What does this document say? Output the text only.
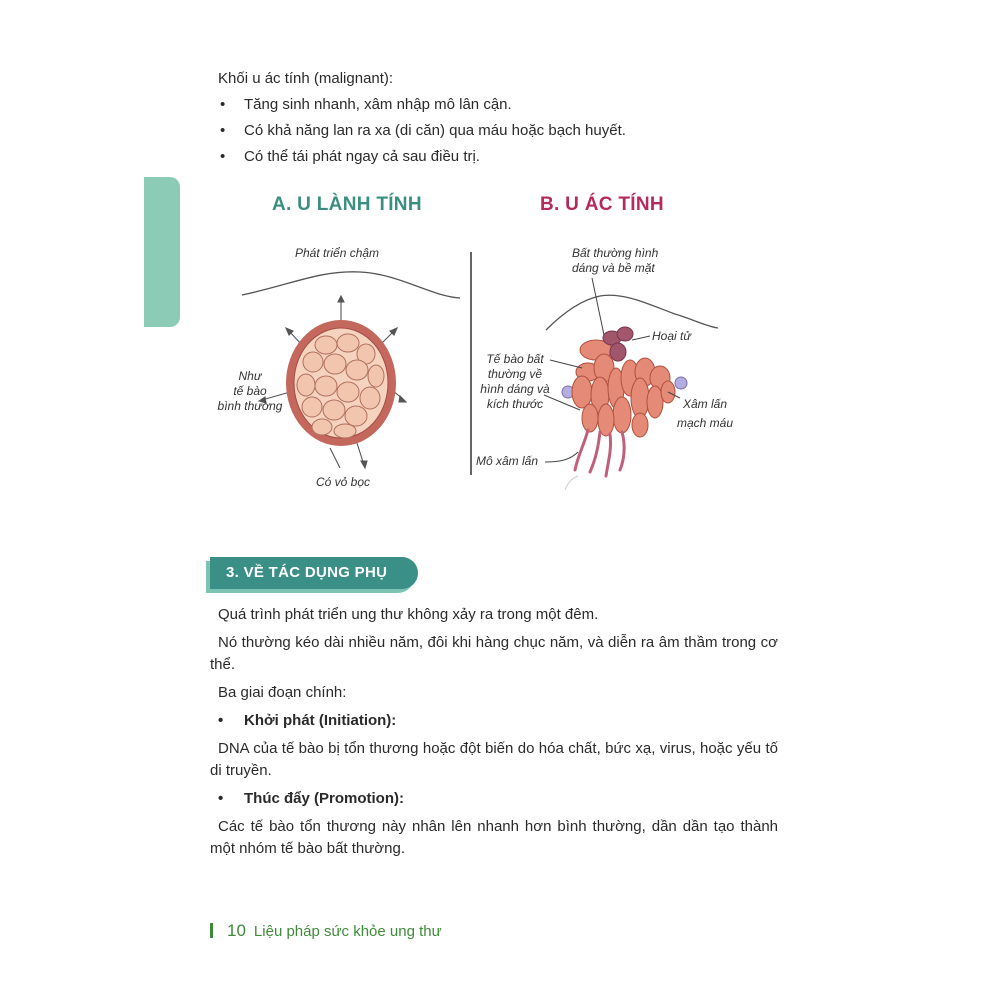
Khối u ác tính (malignant):
• Tăng sinh nhanh, xâm nhập mô lân cận.
• Có khả năng lan ra xa (di căn) qua máu hoặc bạch huyết.
• Có thể tái phát ngay cả sau điều trị.
A. U LÀNH TÍNH	B. U ÁC TÍNH
Phát triển chậm
Như
tế bào
bình thường
Có vỏ bọc
Bất thường hình
dáng và bề mặt
Hoại tử
Tế bào bất
thường về
hình dáng và
kích thước	Xâm lấn
mạch máu
Mô xâm lấn
3. VỀ TÁC DỤNG PHỤ

Quá trình phát triển ung thư không xảy ra trong một đêm.

Nó thường kéo dài nhiều năm, đôi khi hàng chục năm, và diễn ra âm thầm trong cơ thể.

Ba giai đoạn chính:

• Khởi phát (Initiation):

DNA của tế bào bị tổn thương hoặc đột biến do hóa chất, bức xạ, virus, hoặc yếu tố di truyền.

• Thúc đẩy (Promotion):

Các tế bào tổn thương này nhân lên nhanh hơn bình thường, dần dần tạo thành một nhóm tế bào bất thường.

10 Liệu pháp sức khỏe ung thư
